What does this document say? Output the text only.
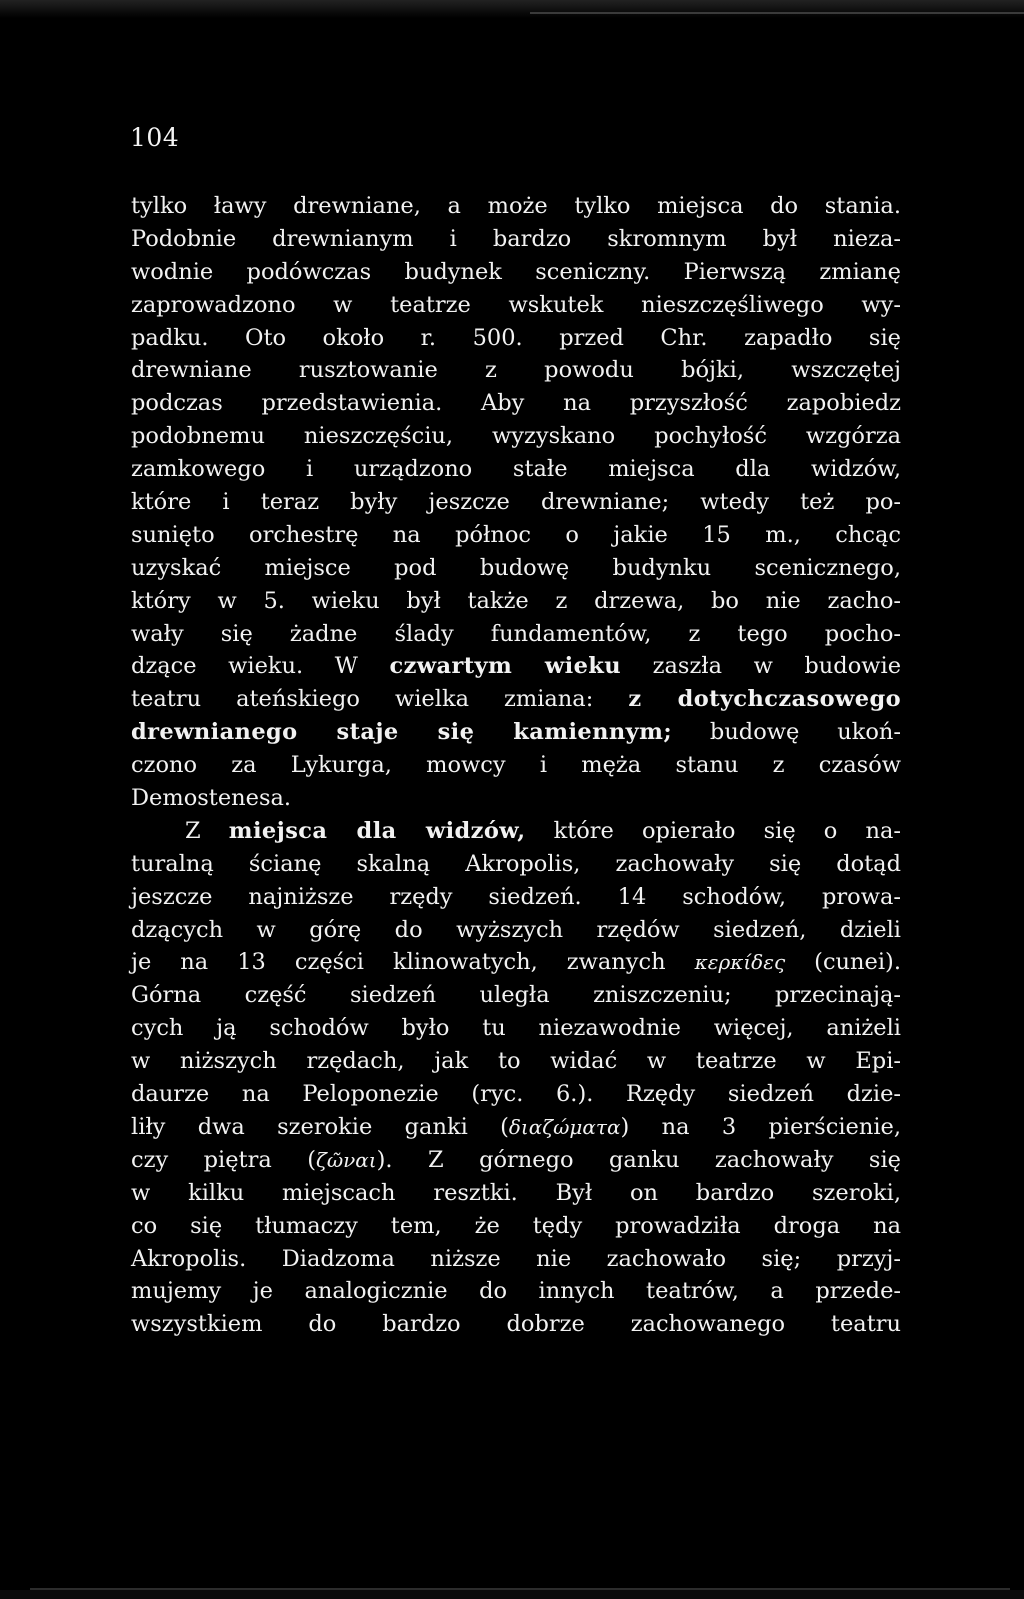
104
tylko ławy drewniane, a może tylko miejsca do stania.
Podobnie drewnianym i bardzo skromnym był nieza-
wodnie podówczas budynek sceniczny. Pierwszą zmianę
zaprowadzono w teatrze wskutek nieszczęśliwego wy-
padku. Oto około r. 500. przed Chr. zapadło się
drewniane rusztowanie z powodu bójki, wszczętej
podczas przedstawienia. Aby na przyszłość zapobiedz
podobnemu nieszczęściu, wyzyskano pochyłość wzgórza
zamkowego i urządzono stałe miejsca dla widzów,
które i teraz były jeszcze drewniane; wtedy też po-
sunięto orchestrę na północ o jakie 15 m., chcąc
uzyskać miejsce pod budowę budynku scenicznego,
który w 5. wieku był także z drzewa, bo nie zacho-
wały się żadne ślady fundamentów, z tego pocho-
dzące wieku. W czwartym wieku zaszła w budowie
teatru ateńskiego wielka zmiana: z dotychczasowego
drewnianego staje się kamiennym; budowę ukoń-
czono za Lykurga, mowcy i męża stanu z czasów
Demostenesa.
Z miejsca dla widzów, które opierało się o na-
turalną ścianę skalną Akropolis, zachowały się dotąd
jeszcze najniższe rzędy siedzeń. 14 schodów, prowa-
dzących w górę do wyższych rzędów siedzeń, dzieli
je na 13 części klinowatych, zwanych κερκίδες (cunei).
Górna część siedzeń uległa zniszczeniu; przecinają-
cych ją schodów było tu niezawodnie więcej, aniżeli
w niższych rzędach, jak to widać w teatrze w Epi-
daurze na Peloponezie (ryc. 6.). Rzędy siedzeń dzie-
liły dwa szerokie ganki (διαζώματα) na 3 pierścienie,
czy piętra (ζῶναι). Z górnego ganku zachowały się
w kilku miejscach resztki. Był on bardzo szeroki,
co się tłumaczy tem, że tędy prowadziła droga na
Akropolis. Diadzoma niższe nie zachowało się; przyj-
mujemy je analogicznie do innych teatrów, a przede-
wszystkiem do bardzo dobrze zachowanego teatru
